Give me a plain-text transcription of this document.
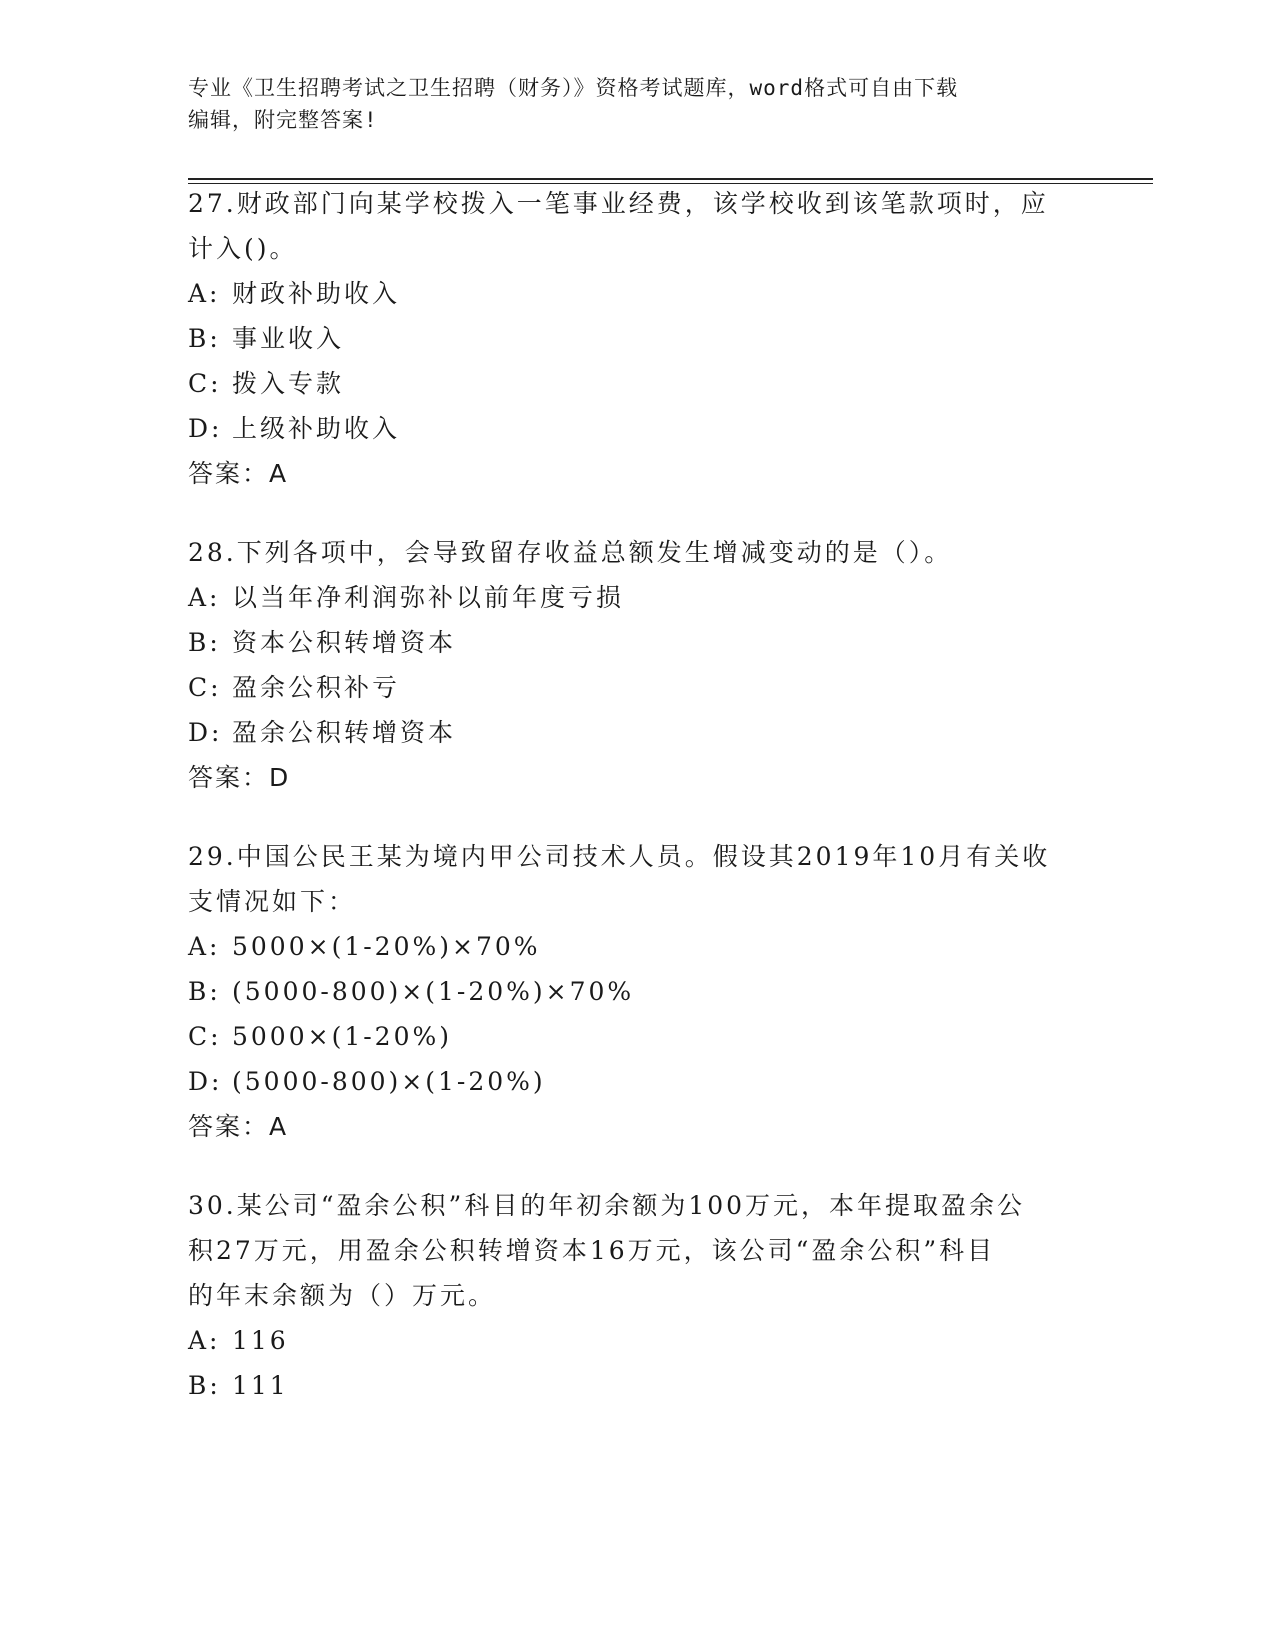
专业《卫生招聘考试之卫生招聘（财务）》资格考试题库，word格式可自由下载
编辑，附完整答案!

27.财政部门向某学校拨入一笔事业经费，该学校收到该笔款项时，应

计入()。

A: 财政补助收入

B: 事业收入

C: 拨入专款

D: 上级补助收入

答案：A

28.下列各项中，会导致留存收益总额发生增减变动的是（）。

A: 以当年净利润弥补以前年度亏损

B: 资本公积转增资本

C: 盈余公积补亏

D: 盈余公积转增资本

答案：D

29.中国公民王某为境内甲公司技术人员。假设其2019年10月有关收

支情况如下：

A: 5000×(1-20%)×70%

B: (5000-800)×(1-20%)×70%

C: 5000×(1-20%)

D: (5000-800)×(1-20%)

答案：A

30.某公司“盈余公积”科目的年初余额为100万元，本年提取盈余公

积27万元，用盈余公积转增资本16万元，该公司“盈余公积”科目

的年末余额为（）万元。

A: 116

B: 111
